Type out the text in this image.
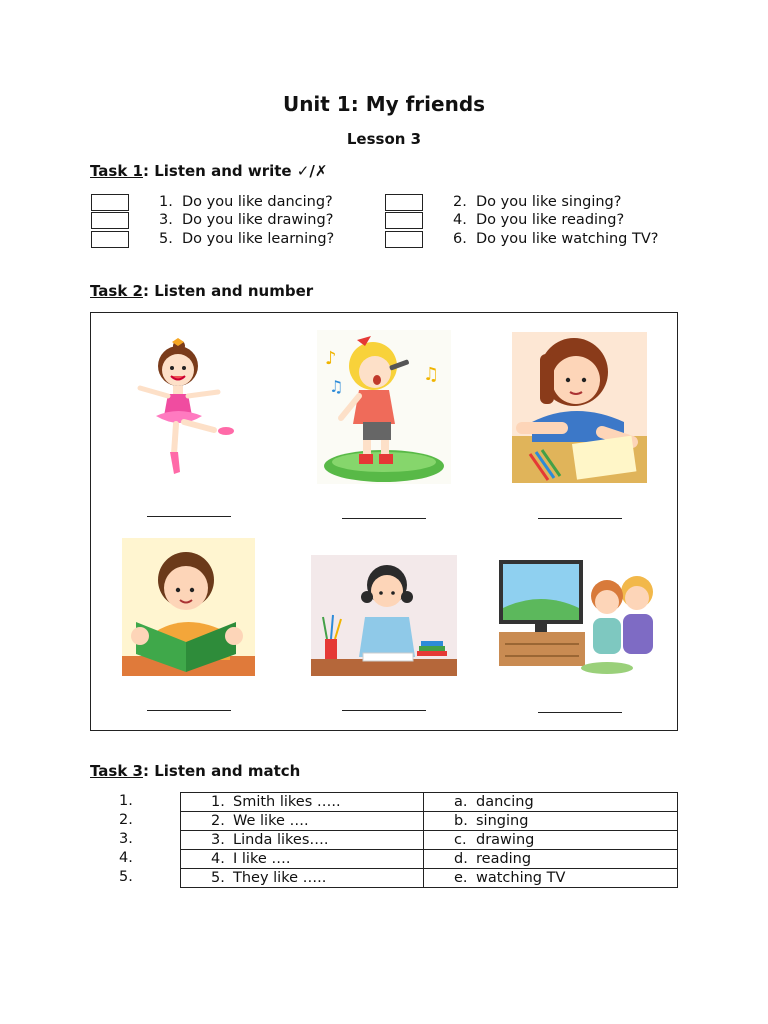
Unit 1: My friends
Lesson 3
Task 1: Listen and write ✓/✗
1. Do you like dancing?
3. Do you like drawing?
5. Do you like learning?
2. Do you like singing?
4. Do you like reading?
6. Do you like watching TV?
Task 2: Listen and number
♪
♫
♫
Task 3: Listen and match
1.
2.
3.
4.
5.
1. Smith likes …..	a. dancing
2. We like ….	b. singing
3. Linda likes….	c. drawing
4. I like ….	d. reading
5. They like …..	e. watching TV
